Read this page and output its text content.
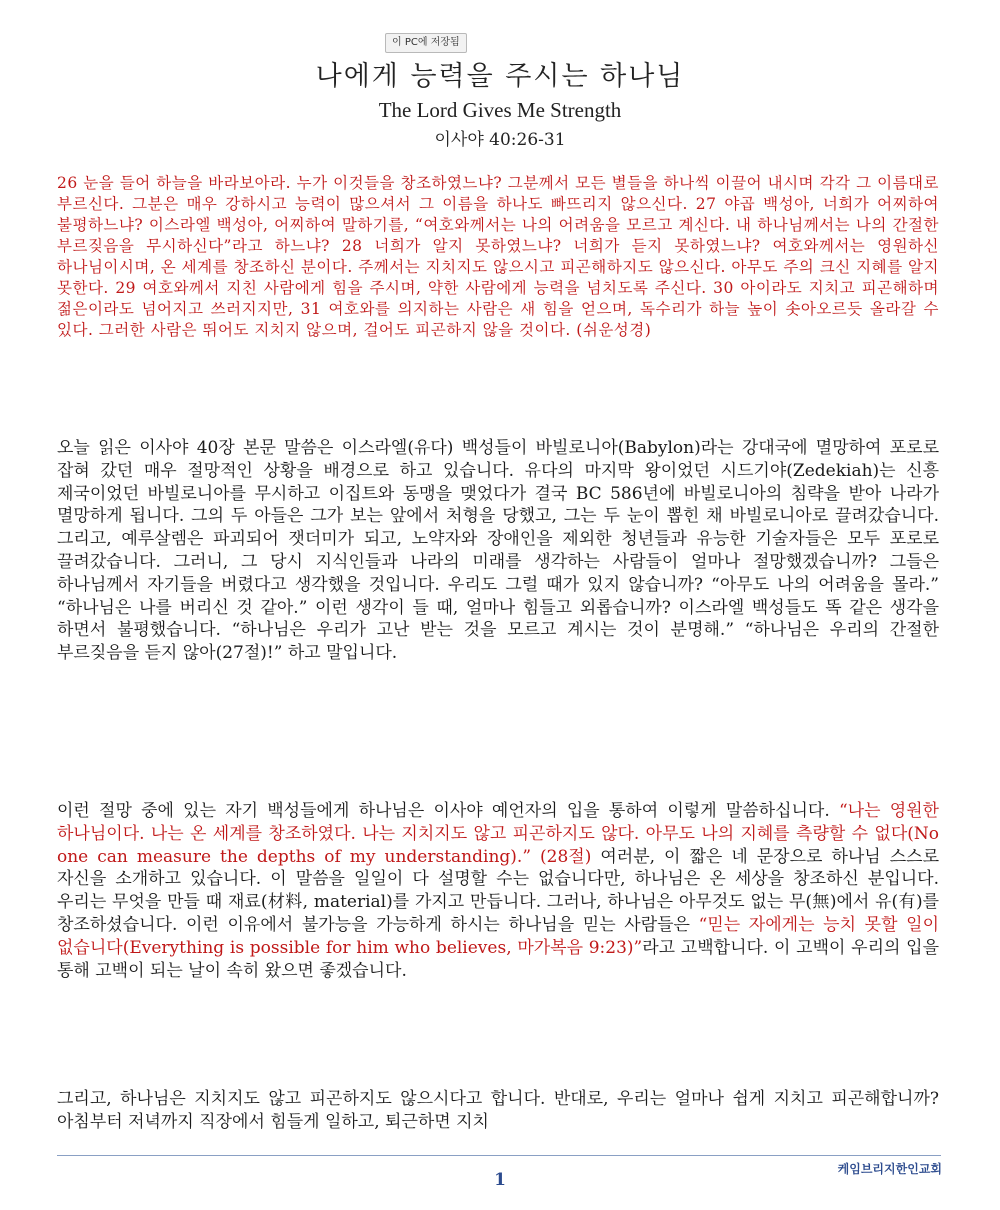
이 PC에 저장됨
나에게 능력을 주시는 하나님
The Lord Gives Me Strength
이사야 40:26-31
26 눈을 들어 하늘을 바라보아라. 누가 이것들을 창조하였느냐? 그분께서 모든 별들을 하나씩 이끌어 내시며 각각 그 이름대로 부르신다. 그분은 매우 강하시고 능력이 많으셔서 그 이름을 하나도 빠뜨리지 않으신다. 27 야곱 백성아, 너희가 어찌하여 불평하느냐? 이스라엘 백성아, 어찌하여 말하기를, “여호와께서는 나의 어려움을 모르고 계신다. 내 하나님께서는 나의 간절한 부르짖음을 무시하신다”라고 하느냐? 28 너희가 알지 못하였느냐? 너희가 듣지 못하였느냐? 여호와께서는 영원하신 하나님이시며, 온 세계를 창조하신 분이다. 주께서는 지치지도 않으시고 피곤해하지도 않으신다. 아무도 주의 크신 지혜를 알지 못한다. 29 여호와께서 지친 사람에게 힘을 주시며, 약한 사람에게 능력을 넘치도록 주신다. 30 아이라도 지치고 피곤해하며 젊은이라도 넘어지고 쓰러지지만, 31 여호와를 의지하는 사람은 새 힘을 얻으며, 독수리가 하늘 높이 솟아오르듯 올라갈 수 있다. 그러한 사람은 뛰어도 지치지 않으며, 걸어도 피곤하지 않을 것이다. (쉬운성경)
오늘 읽은 이사야 40장 본문 말씀은 이스라엘(유다) 백성들이 바빌로니아(Babylon)라는 강대국에 멸망하여 포로로 잡혀 갔던 매우 절망적인 상황을 배경으로 하고 있습니다. 유다의 마지막 왕이었던 시드기야(Zedekiah)는 신흥 제국이었던 바빌로니아를 무시하고 이집트와 동맹을 맺었다가 결국 BC 586년에 바빌로니아의 침략을 받아 나라가 멸망하게 됩니다. 그의 두 아들은 그가 보는 앞에서 처형을 당했고, 그는 두 눈이 뽑힌 채 바빌로니아로 끌려갔습니다. 그리고, 예루살렘은 파괴되어 잿더미가 되고, 노약자와 장애인을 제외한 청년들과 유능한 기술자들은 모두 포로로 끌려갔습니다. 그러니, 그 당시 지식인들과 나라의 미래를 생각하는 사람들이 얼마나 절망했겠습니까? 그들은 하나님께서 자기들을 버렸다고 생각했을 것입니다. 우리도 그럴 때가 있지 않습니까? “아무도 나의 어려움을 몰라.” “하나님은 나를 버리신 것 같아.” 이런 생각이 들 때, 얼마나 힘들고 외롭습니까? 이스라엘 백성들도 똑 같은 생각을 하면서 불평했습니다. “하나님은 우리가 고난 받는 것을 모르고 계시는 것이 분명해.” “하나님은 우리의 간절한 부르짖음을 듣지 않아(27절)!” 하고 말입니다.
이런 절망 중에 있는 자기 백성들에게 하나님은 이사야 예언자의 입을 통하여 이렇게 말씀하십니다. “나는 영원한 하나님이다. 나는 온 세계를 창조하였다. 나는 지치지도 않고 피곤하지도 않다. 아무도 나의 지혜를 측량할 수 없다(No one can measure the depths of my understanding).” (28절) 여러분, 이 짧은 네 문장으로 하나님 스스로 자신을 소개하고 있습니다. 이 말씀을 일일이 다 설명할 수는 없습니다만, 하나님은 온 세상을 창조하신 분입니다. 우리는 무엇을 만들 때 재료(材料, material)를 가지고 만듭니다. 그러나, 하나님은 아무것도 없는 무(無)에서 유(有)를 창조하셨습니다. 이런 이유에서 불가능을 가능하게 하시는 하나님을 믿는 사람들은 “믿는 자에게는 능치 못할 일이 없습니다(Everything is possible for him who believes, 마가복음 9:23)”라고 고백합니다. 이 고백이 우리의 입을 통해 고백이 되는 날이 속히 왔으면 좋겠습니다.
그리고, 하나님은 지치지도 않고 피곤하지도 않으시다고 합니다. 반대로, 우리는 얼마나 쉽게 지치고 피곤해합니까? 아침부터 저녁까지 직장에서 힘들게 일하고, 퇴근하면 지치
1
케임브리지한인교회
